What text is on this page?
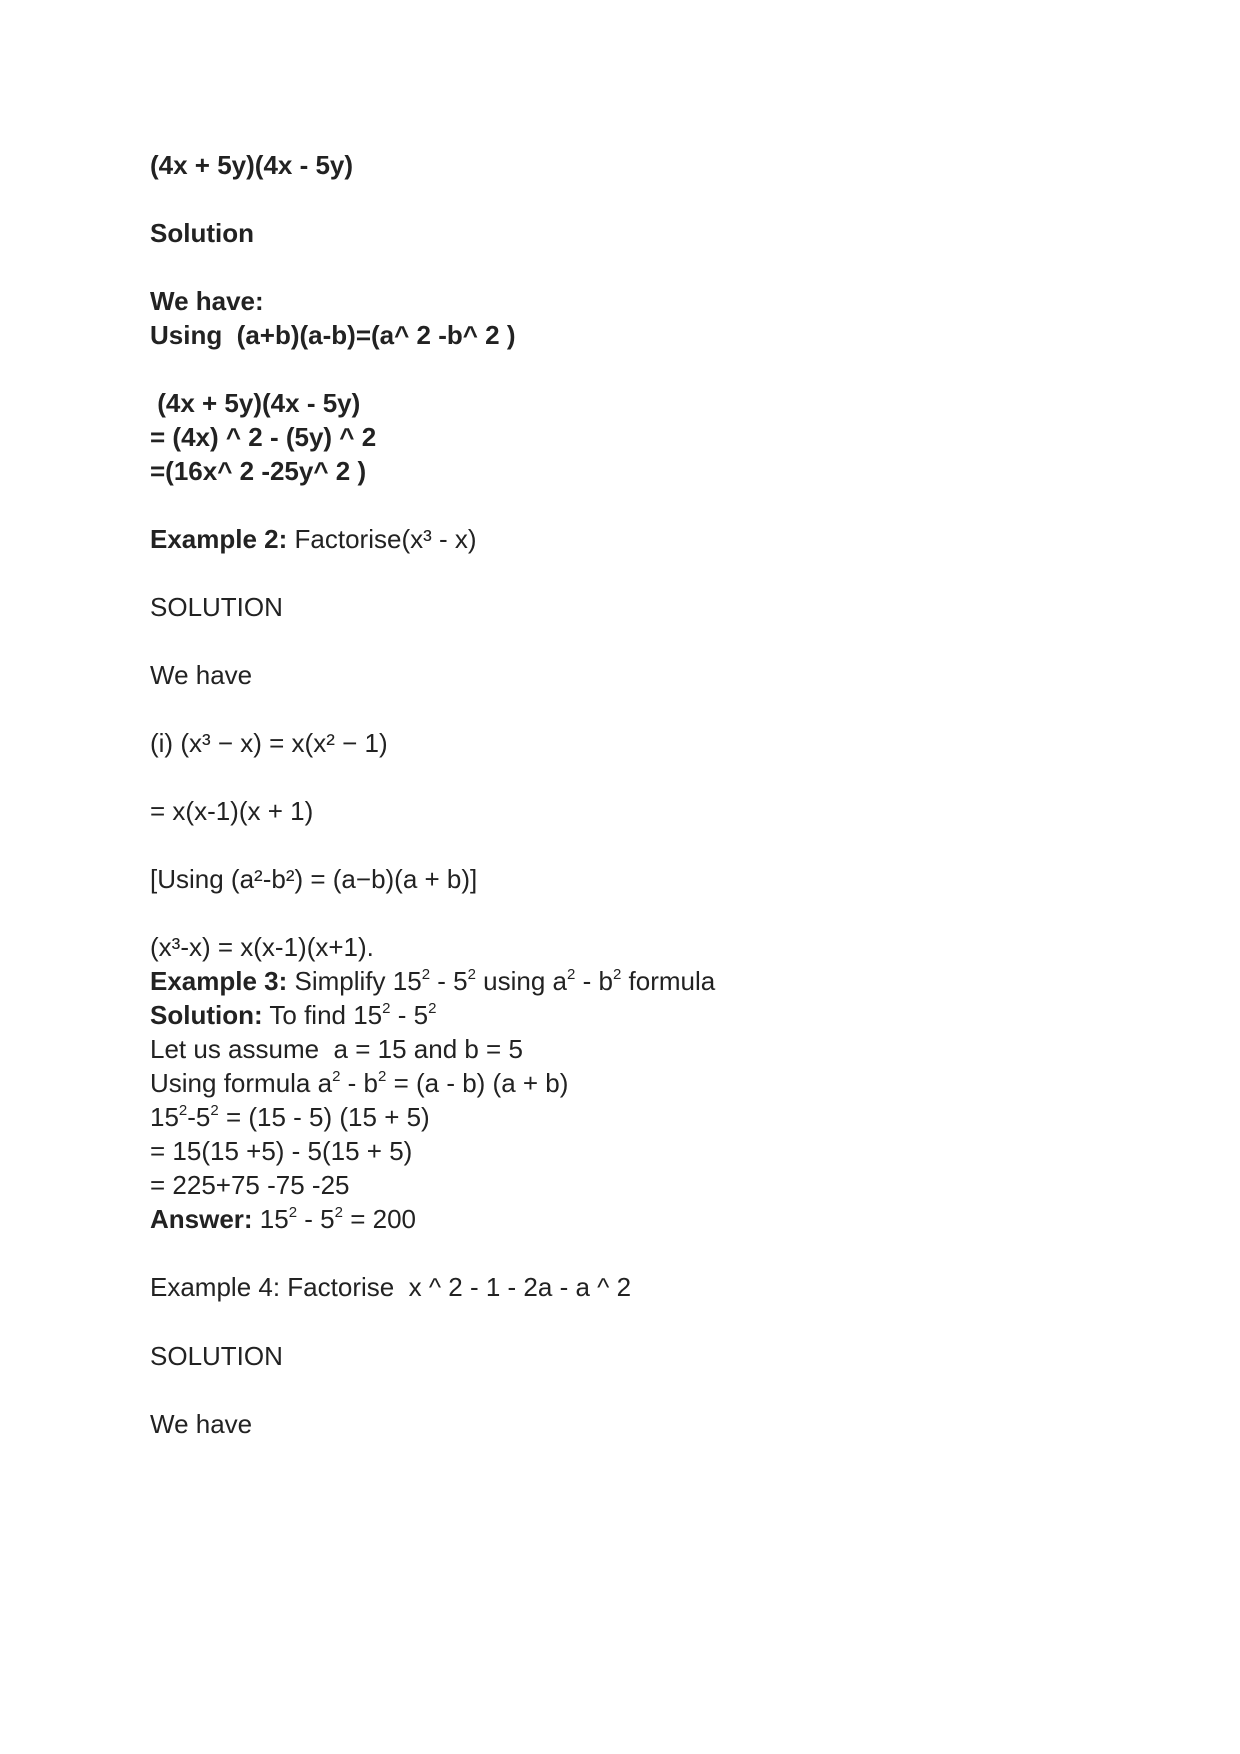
(4x + 5y)(4x - 5y)
Solution
We have:
Using  (a+b)(a-b)=(a^ 2 -b^ 2 )
(4x + 5y)(4x - 5y)
= (4x) ^ 2 - (5y) ^ 2
=(16x^ 2 -25y^ 2 )
Example 2: Factorise(x³ - x)
SOLUTION
We have
(i) (x³ − x) = x(x² − 1)
= x(x-1)(x + 1)
[Using (a²-b²) = (a−b)(a + b)]
(x³-x) = x(x-1)(x+1).
Example 3: Simplify $15^2 - 5^2$ using $a^2 - b^2$ formula
Solution: To find $15^2 - 5^2$
Let us assume  a = 15 and b = 5
Using formula $a^2 - b^2 = (a - b) (a + b)$
$15^2-5^2 = (15 - 5) (15 + 5)$
= 15(15 +5) - 5(15 + 5)
= 225+75 -75 -25
Answer: $15^2 - 5^2 = 200$
Example 4: Factorise  x ^ 2 - 1 - 2a - a ^ 2
SOLUTION
We have
